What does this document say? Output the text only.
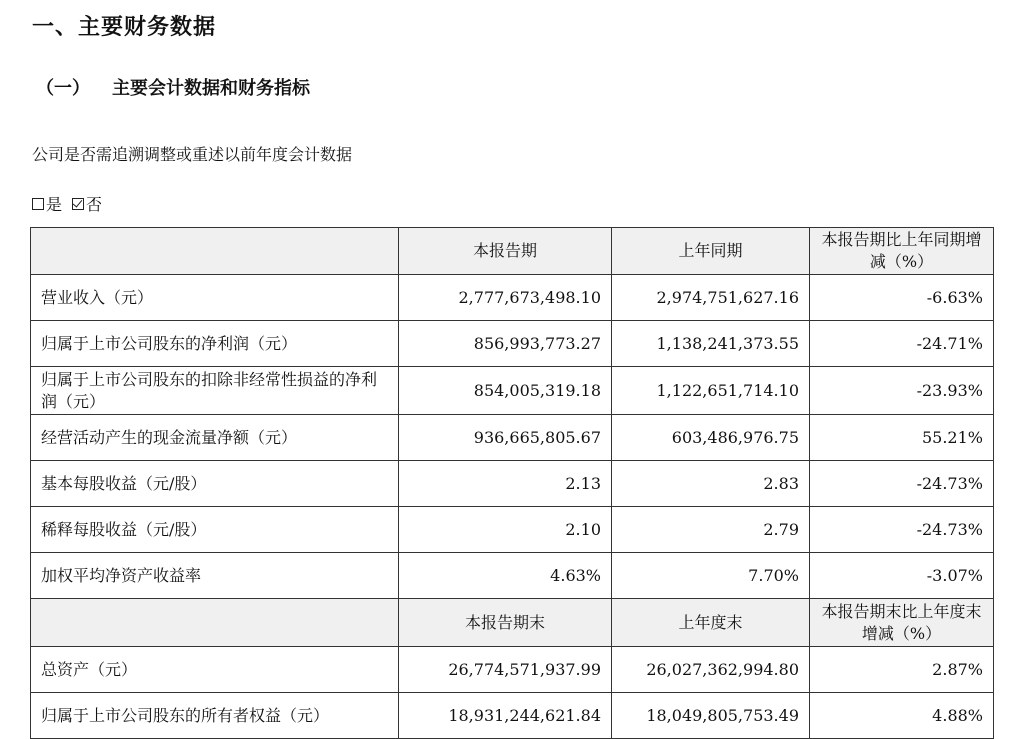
一、主要财务数据
（一） 主要会计数据和财务指标
公司是否需追溯调整或重述以前年度会计数据
是 否
	本报告期	上年同期	本报告期比上年同期增减（%）
营业收入（元）	2,777,673,498.10	2,974,751,627.16	-6.63%
归属于上市公司股东的净利润（元）	856,993,773.27	1,138,241,373.55	-24.71%
归属于上市公司股东的扣除非经常性损益的净利润（元）	854,005,319.18	1,122,651,714.10	-23.93%
经营活动产生的现金流量净额（元）	936,665,805.67	603,486,976.75	55.21%
基本每股收益（元/股）	2.13	2.83	-24.73%
稀释每股收益（元/股）	2.10	2.79	-24.73%
加权平均净资产收益率	4.63%	7.70%	-3.07%
	本报告期末	上年度末	本报告期末比上年度末增减（%）
总资产（元）	26,774,571,937.99	26,027,362,994.80	2.87%
归属于上市公司股东的所有者权益（元）	18,931,244,621.84	18,049,805,753.49	4.88%
